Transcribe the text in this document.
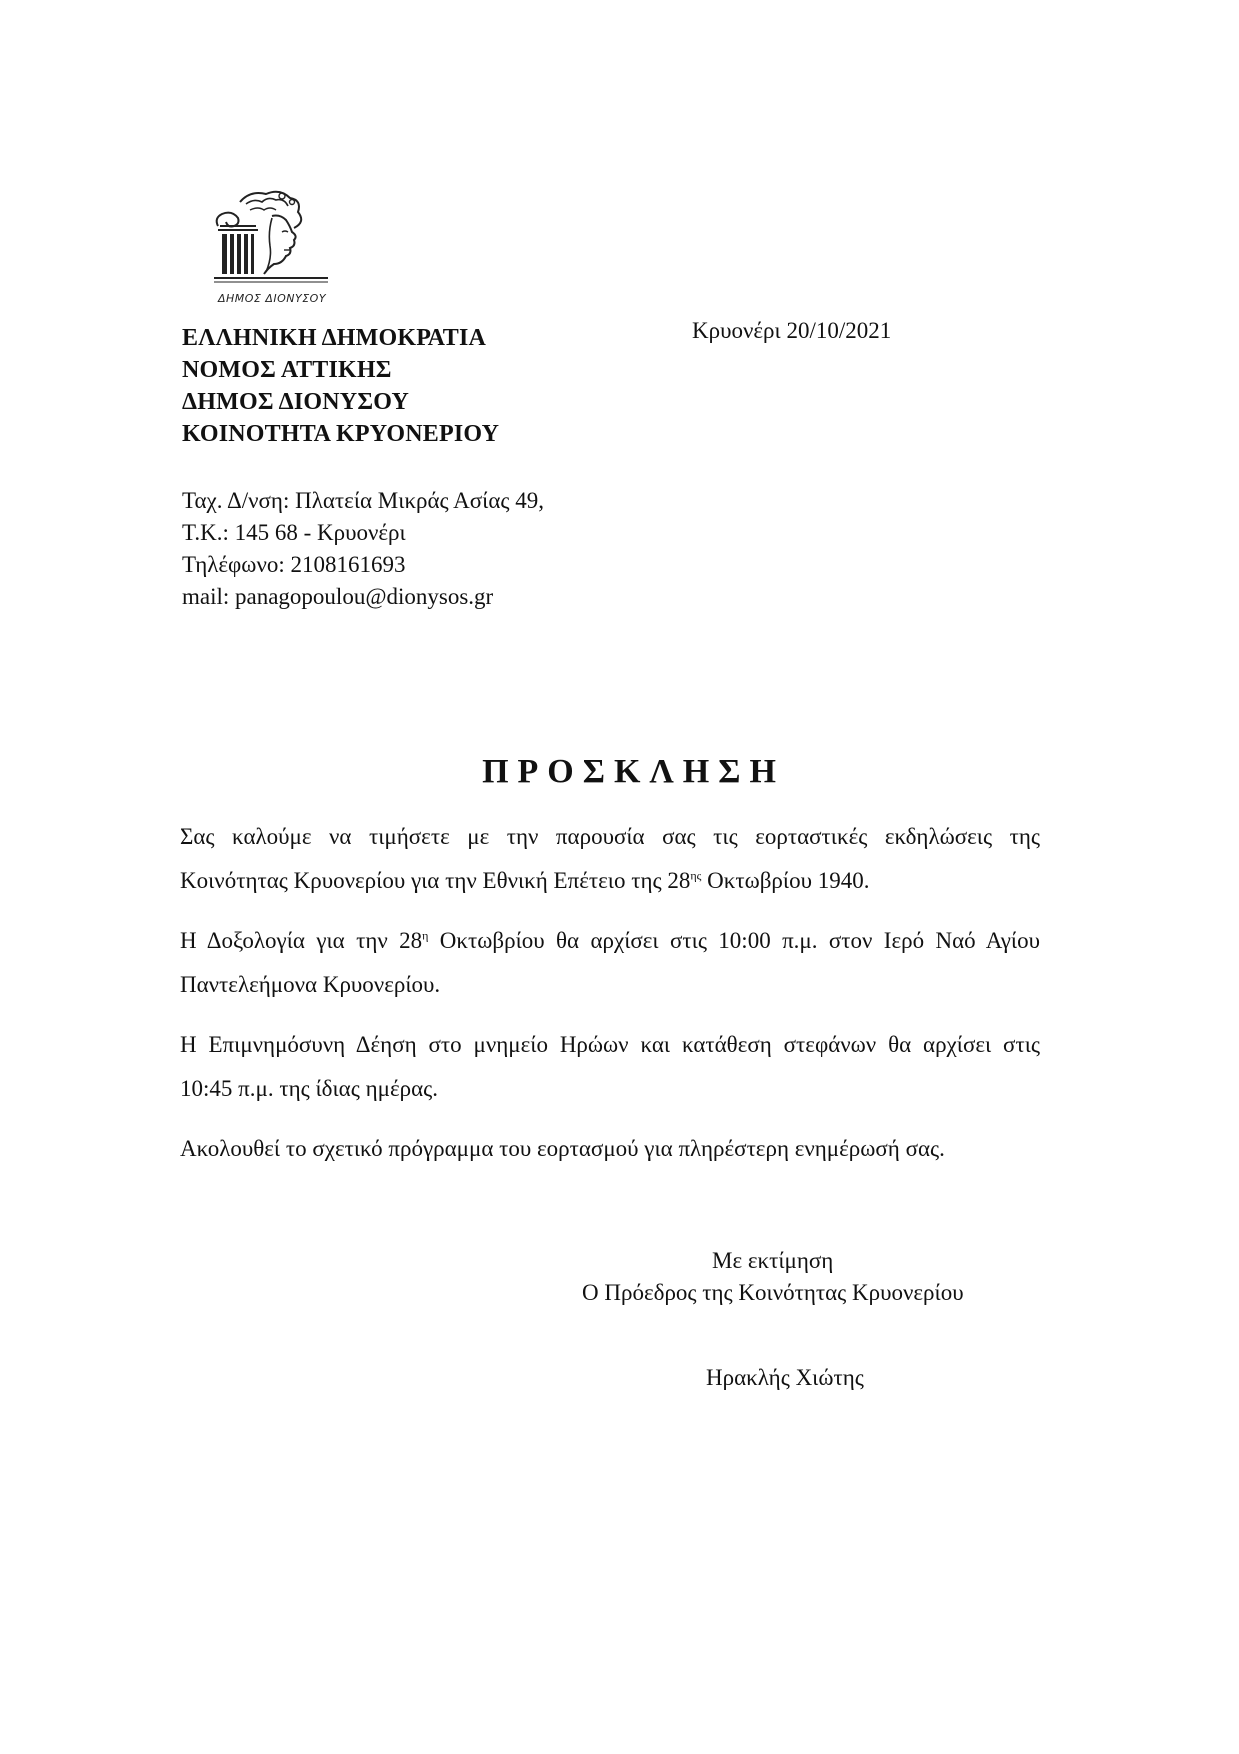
ΔΗΜΟΣ ΔΙΟΝΥΣΟΥ
ΕΛΛΗΝΙΚΗ ΔΗΜΟΚΡΑΤΙΑ
ΝΟΜΟΣ ΑΤΤΙΚΗΣ
ΔΗΜΟΣ ΔΙΟΝΥΣΟΥ
ΚΟΙΝΟΤΗΤΑ ΚΡΥΟΝΕΡΙΟΥ
Κρυονέρι 20/10/2021
Ταχ. Δ/νση: Πλατεία Μικράς Ασίας 49,
Τ.Κ.: 145 68 - Κρυονέρι
Τηλέφωνο: 2108161693
mail: panagopoulou@dionysos.gr
ΠΡΟΣΚΛΗΣΗ
Σας καλούμε να τιμήσετε με την παρουσία σας τις εορταστικές εκδηλώσεις της
Κοινότητας Κρυονερίου για την Εθνική Επέτειο της $28^{\eta\varsigma}$ Οκτωβρίου 1940.
Η Δοξολογία για την $28^\eta$ Οκτωβρίου θα αρχίσει στις 10:00 π.μ. στον Ιερό Ναό Αγίου
Παντελεήμονα Κρυονερίου.
Η Επιμνημόσυνη Δέηση στο μνημείο Ηρώων και κατάθεση στεφάνων θα αρχίσει στις
10:45 π.μ. της ίδιας ημέρας.
Ακολουθεί το σχετικό πρόγραμμα του εορτασμού για πληρέστερη ενημέρωσή σας.
Με εκτίμηση
Ο Πρόεδρος της Κοινότητας Κρυονερίου
Ηρακλής Χιώτης
